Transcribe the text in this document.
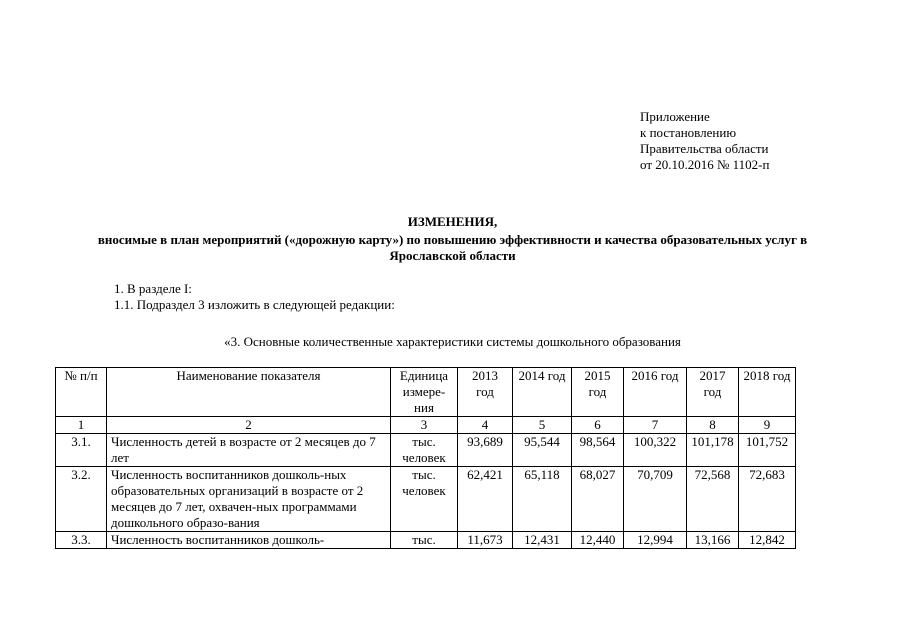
Приложение
к постановлению
Правительства области
от 20.10.2016 № 1102-п
ИЗМЕНЕНИЯ,
вносимые в план мероприятий («дорожную карту») по повышению эффективности и качества образовательных услуг в Ярославской области
1. В разделе I:
1.1. Подраздел 3 изложить в следующей редакции:
«3. Основные количественные характеристики системы дошкольного образования
№ п/п	Наименование показателя	Единица измере-ния	2013 год	2014 год	2015 год	2016 год	2017 год	2018 год
1	2	3	4	5	6	7	8	9
3.1.	Численность детей в возрасте от 2 месяцев до 7 лет	тыс. человек	93,689	95,544	98,564	100,322	101,178	101,752
3.2.	Численность воспитанников дошколь-ных образовательных организаций в возрасте от 2 месяцев до 7 лет, охвачен-ных программами дошкольного образо-вания	тыс. человек	62,421	65,118	68,027	70,709	72,568	72,683
3.3.	Численность воспитанников дошколь-	тыс.	11,673	12,431	12,440	12,994	13,166	12,842
